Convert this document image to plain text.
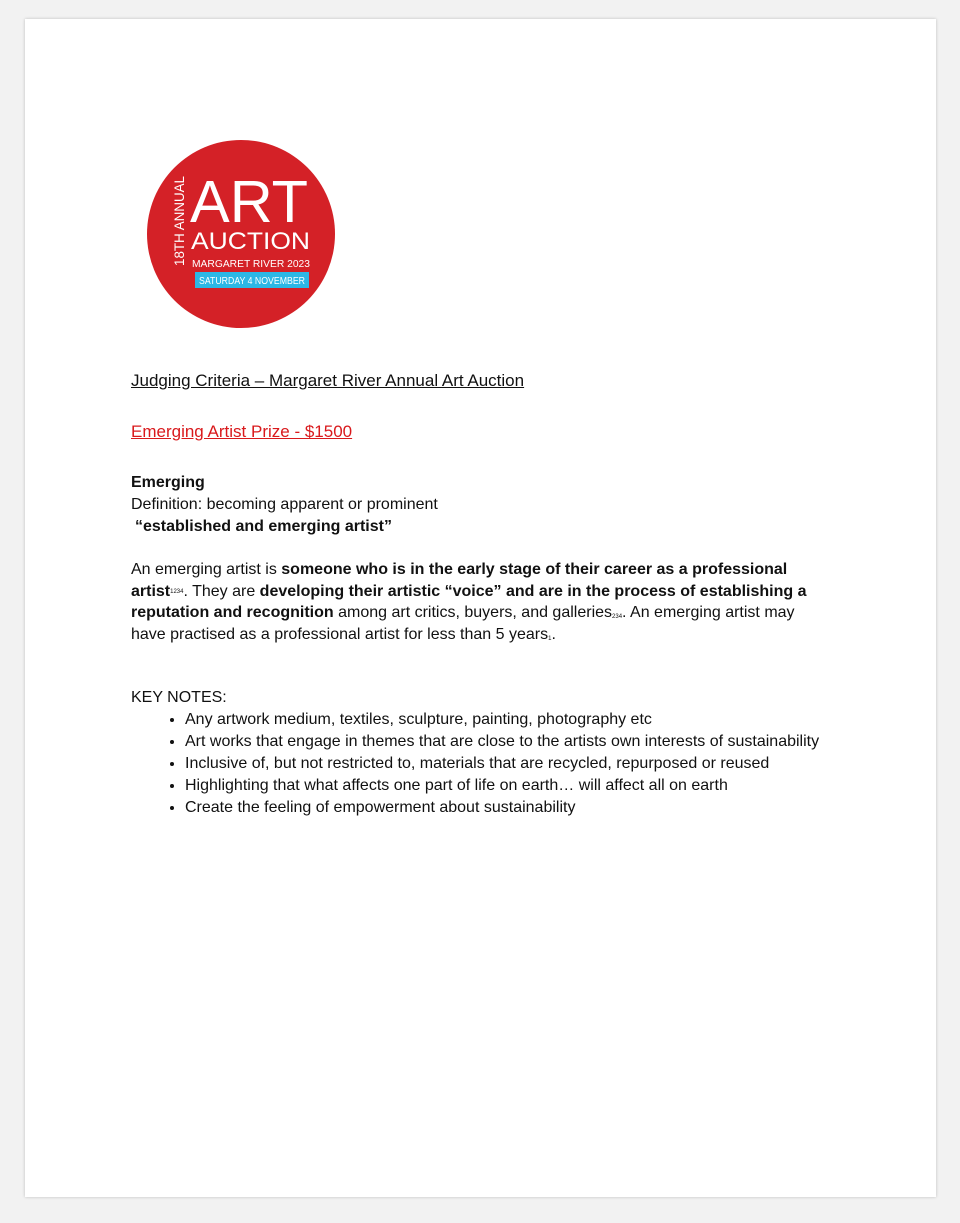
18TH ANNUAL ART
AUCTION
MARGARET RIVER 2023
SATURDAY 4 NOVEMBER
Judging Criteria – Margaret River Annual Art Auction
Emerging Artist Prize - $1500
Emerging
Definition: becoming apparent or prominent
“established and emerging artist”
An emerging artist is someone who is in the early stage of their career as a professional artist$^{1234}$. They are developing their artistic “voice” and are in the process of establishing a reputation and recognition among art critics, buyers, and galleries234. An emerging artist may have practised as a professional artist for less than 5 years1.
KEY NOTES:
• Any artwork medium, textiles, sculpture, painting, photography etc
• Art works that engage in themes that are close to the artists own interests of sustainability
• Inclusive of, but not restricted to, materials that are recycled, repurposed or reused
• Highlighting that what affects one part of life on earth… will affect all on earth
• Create the feeling of empowerment about sustainability
